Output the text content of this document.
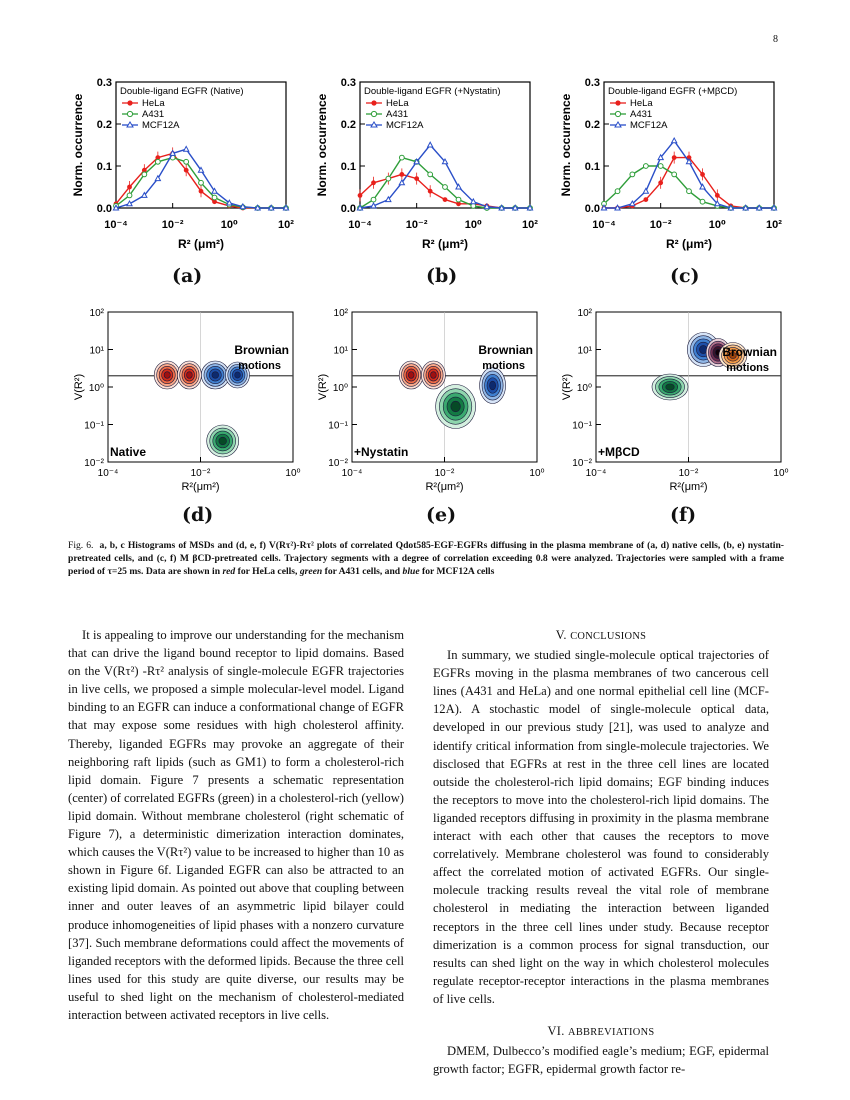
8
0.0
0.1
0.2
0.3
10⁻⁴	10⁻²	10⁰	10²
R² (μm²)
Norm. occurrence
Double-ligand EGFR (Native)
HeLa
A431
MCF12A
0.0
0.1
0.2
0.3
10⁻⁴	10⁻²	10⁰	10²
R² (μm²)
Norm. occurrence
Double-ligand EGFR (+Nystatin)
HeLa
A431
MCF12A
0.0
0.1
0.2
0.3
10⁻⁴	10⁻²	10⁰	10²
R² (μm²)
Norm. occurrence
Double-ligand EGFR (+MβCD)
HeLa
A431
MCF12A
(a)	(b)	(c)
10²
10¹
10⁰
10⁻¹
10⁻²
10⁻⁴	10⁻²	10⁰
R²(μm²)
V(R²)
Brownian
motions
Native
10²
10¹
10⁰
10⁻¹
10⁻²
10⁻⁴	10⁻²	10⁰
R²(μm²)
V(R²)
Brownian
motions
+Nystatin
10²
10¹
10⁰
10⁻¹
10⁻²
10⁻⁴	10⁻²	10⁰
R²(μm²)
V(R²)
Brownian
motions
+MβCD
(d)	(e)	(f)
Fig. 6. a, b, c Histograms of MSDs and (d, e, f) V(Rτ²)-Rτ² plots of correlated Qdot585-EGF-EGFRs diffusing in the plasma membrane of (a, d) native cells, (b, e) nystatin-pretreated cells, and (c, f) M βCD-pretreated cells. Trajectory segments with a degree of correlation exceeding 0.8 were analyzed. Trajectories were sampled with a frame period of τ=25 ms. Data are shown in red for HeLa cells, green for A431 cells, and blue for MCF12A cells

It is appealing to improve our understanding for the mechanism that can drive the ligand bound receptor to lipid domains. Based on the V(Rτ²) -Rτ² analysis of single-molecule EGFR trajectories in live cells, we proposed a simple molecular-level model. Ligand binding to an EGFR can induce a conformational change of EGFR that may expose some residues with high cholesterol affinity. Thereby, liganded EGFRs may provoke an aggregate of their neighboring raft lipids (such as GM1) to form a cholesterol-rich lipid domain. Figure 7 presents a schematic representation (center) of correlated EGFRs (green) in a cholesterol-rich (yellow) lipid domain. Without membrane cholesterol (right schematic of Figure 7), a deterministic dimerization interaction dominates, which causes the V(Rτ²) value to be increased to higher than 10 as shown in Figure 6f. Liganded EGFR can also be attracted to an existing lipid domain. As pointed out above that coupling between inner and outer leaves of an asymmetric lipid bilayer could produce inhomogeneities of lipid phases with a nonzero curvature [37]. Such membrane deformations could affect the movements of liganded receptors with the deformed lipids. Because the three cell lines used for this study are quite diverse, our results may be useful to shed light on the mechanism of cholesterol-mediated interaction between activated receptors in live cells.

V. CONCLUSIONS

In summary, we studied single-molecule optical trajectories of EGFRs moving in the plasma membranes of two cancerous cell lines (A431 and HeLa) and one normal epithelial cell line (MCF-12A). A stochastic model of single-molecule optical data, developed in our previous study [21], was used to analyze and identify critical information from single-molecule trajectories. We disclosed that EGFRs at rest in the three cell lines are located outside the cholesterol-rich lipid domains; EGF binding induces the receptors to move into the cholesterol-rich lipid domains. The liganded receptors diffusing in proximity in the plasma membrane interact with each other that causes the receptors to move correlatively. Membrane cholesterol was found to considerably affect the correlated motion of activated EGFRs. Our single-molecule tracking results reveal the vital role of membrane cholesterol in mediating the interaction between liganded receptors in the three cell lines under study. Because receptor dimerization is a common process for signal transduction, our results can shed light on the way in which cholesterol molecules regulate receptor-receptor interactions in the plasma membranes of live cells.

VI. ABBREVIATIONS

DMEM, Dulbecco’s modified eagle’s medium; EGF, epidermal growth factor; EGFR, epidermal growth factor re-
